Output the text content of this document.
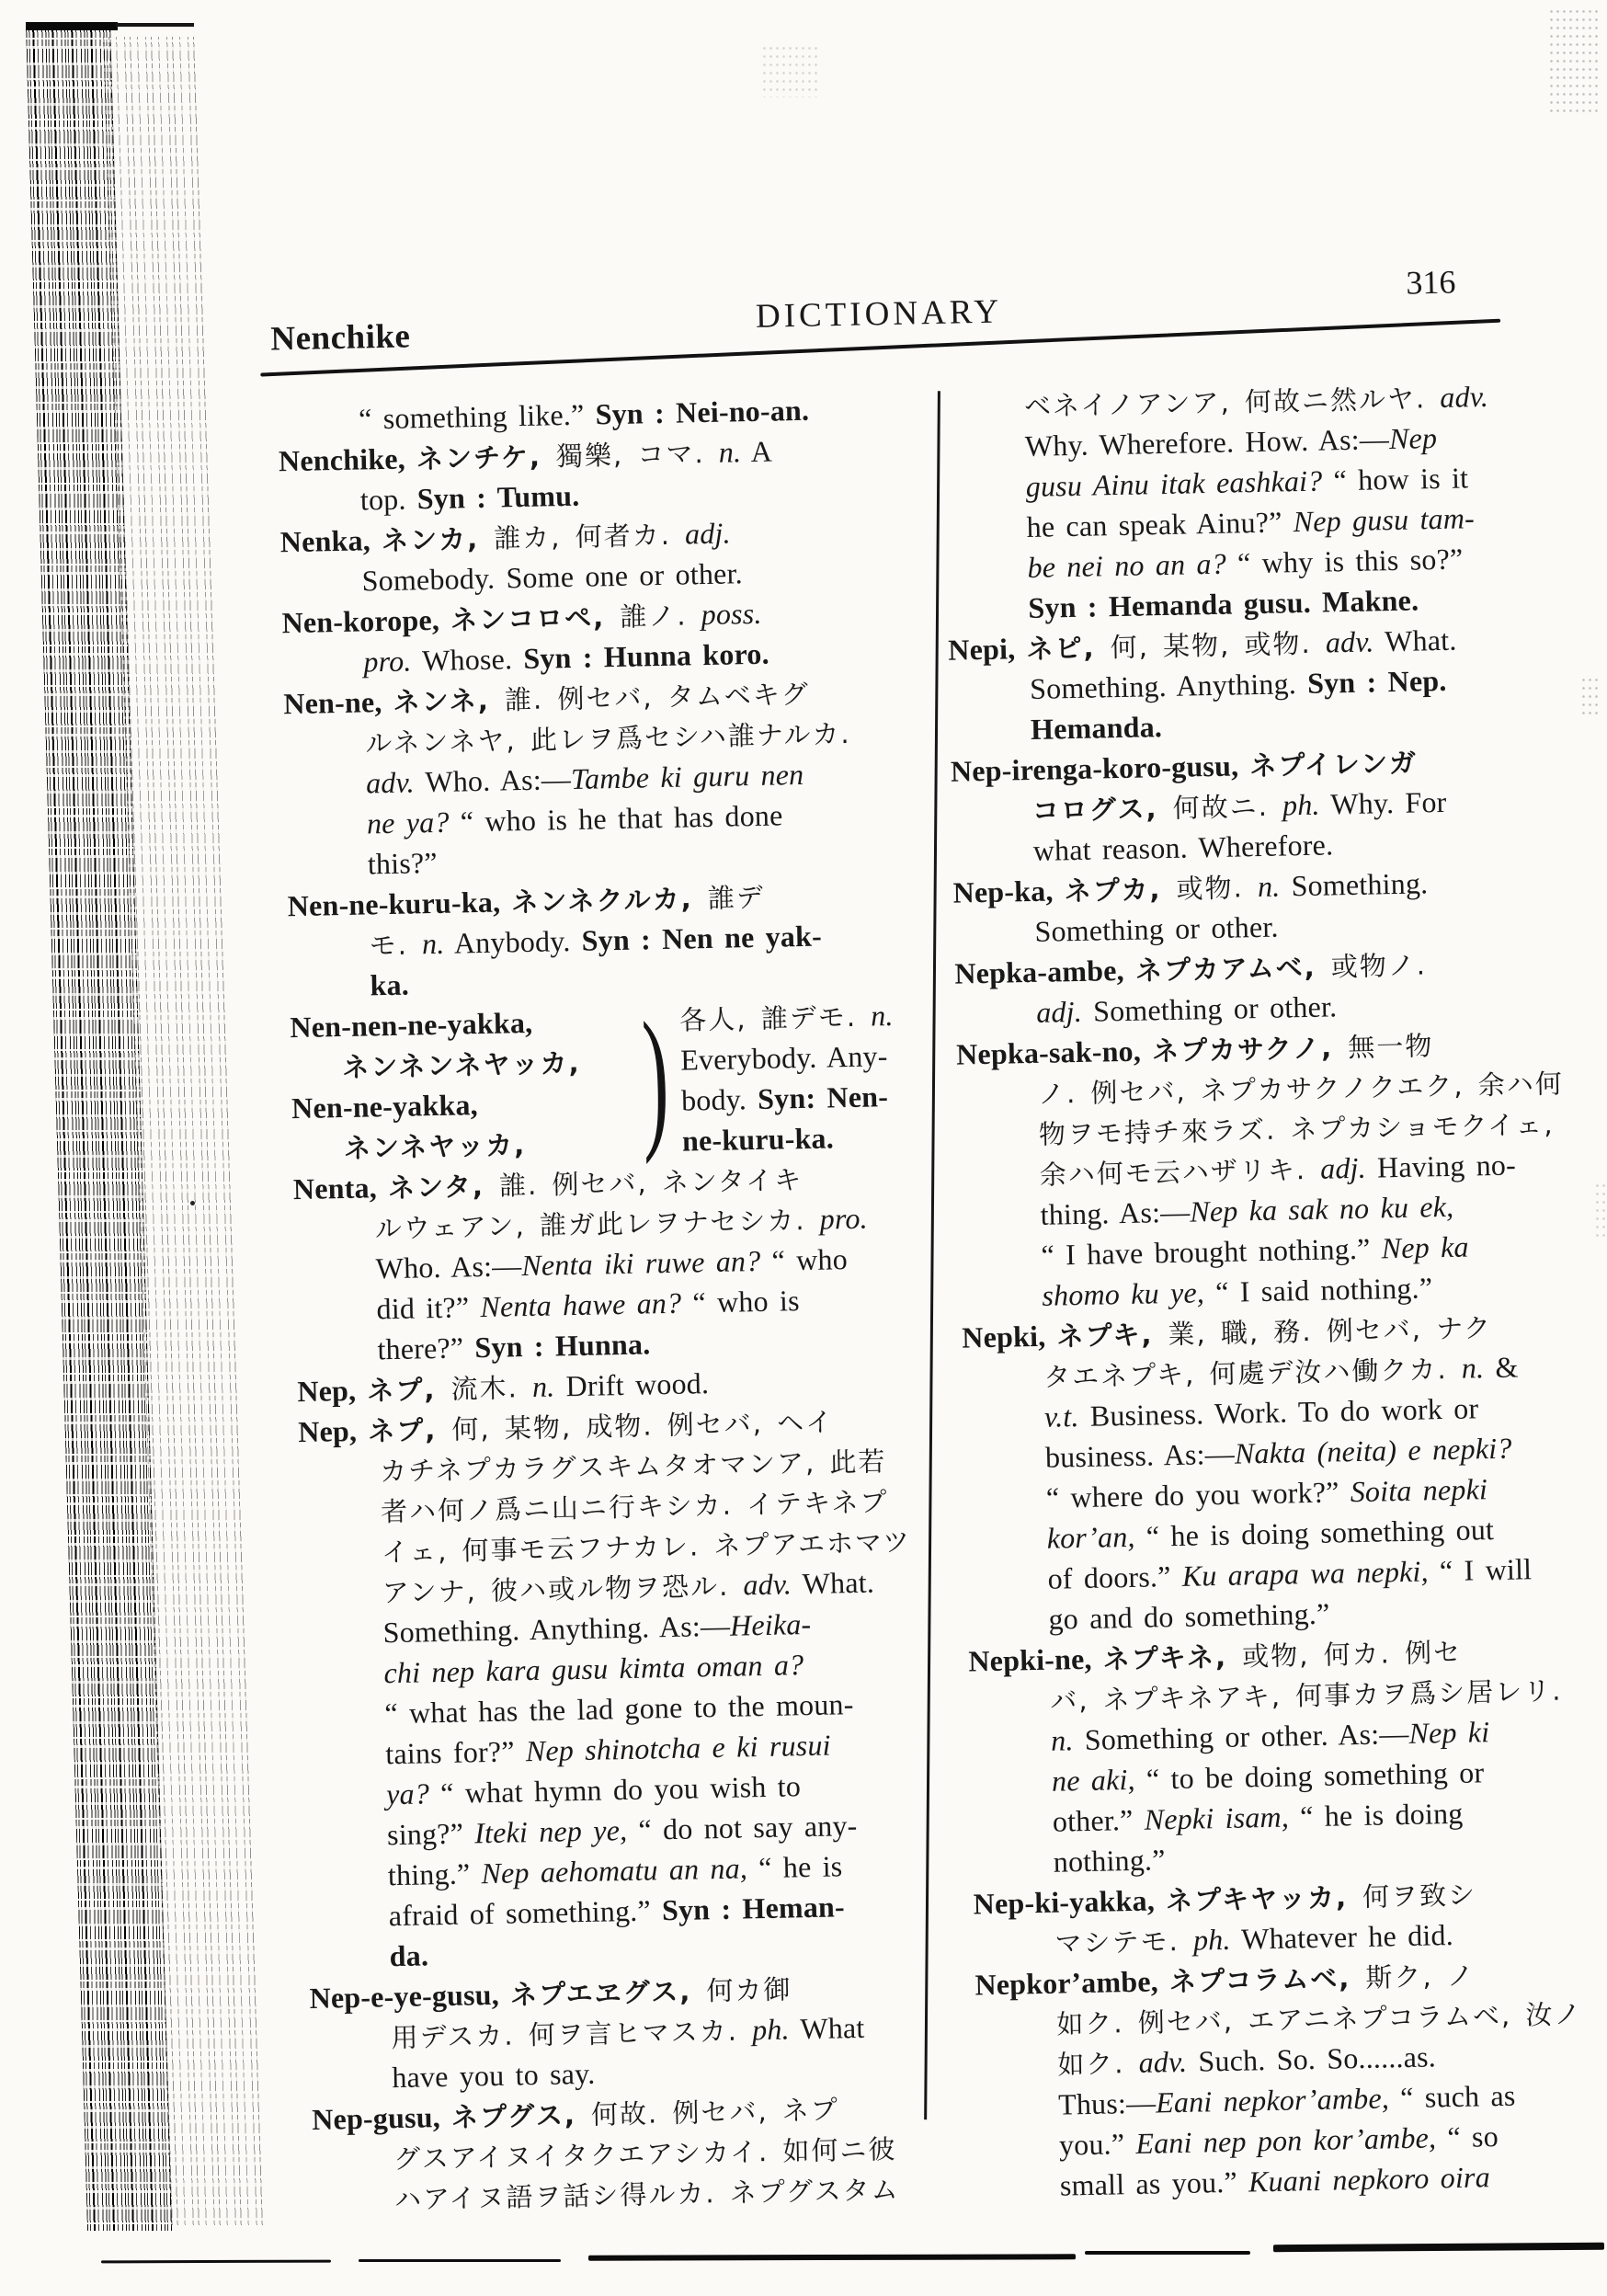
Nenchike
DICTIONARY
316
“ something like.” Syn : Nei-no-an.
Nenchike, ネンチケ, 獨樂, コマ. n. A
top. Syn : Tumu.
Nenka, ネンカ, 誰カ, 何者カ. adj.
Somebody. Some one or other.
Nen-korope, ネンコロペ, 誰ノ. poss.
pro. Whose. Syn : Hunna koro.
Nen-ne, ネンネ, 誰. 例セバ, タムベキグ
ルネンネヤ, 此レヲ爲セシハ誰ナルカ.
adv. Who. As:—Tambe ki guru nen
ne ya? “ who is he that has done
this?”
Nen-ne-kuru-ka, ネンネクルカ, 誰デ
モ. n. Anybody. Syn : Nen ne yak-
ka.
Nen-nen-ne-yakka,
ネンネンネヤッカ,
Nen-ne-yakka,
ネンネヤッカ, ) 各人, 誰デモ. n.
Everybody. Any-
body. Syn: Nen-
ne-kuru-ka.
Nenta, ネンタ, 誰. 例セバ, ネンタイキ
ルウェアン, 誰ガ此レヲナセシカ. pro.
Who. As:—Nenta iki ruwe an? “ who
did it?” Nenta hawe an? “ who is
there?” Syn : Hunna.
Nep, ネプ, 流木. n. Drift wood.
Nep, ネプ, 何, 某物, 成物. 例セバ, ヘイ
カチネプカラグスキムタオマンア, 此若
者ハ何ノ爲ニ山ニ行キシカ. イテキネプ
イェ, 何事モ云フナカレ. ネプアエホマツ
アンナ, 彼ハ或ル物ヲ恐ル. adv. What.
Something. Anything. As:—Heika-
chi nep kara gusu kimta oman a?
“ what has the lad gone to the moun-
tains for?” Nep shinotcha e ki rusui
ya? “ what hymn do you wish to
sing?” Iteki nep ye, “ do not say any-
thing.” Nep aehomatu an na, “ he is
afraid of something.” Syn : Heman-
da.
Nep-e-ye-gusu, ネプエヱグス, 何カ御
用デスカ. 何ヲ言ヒマスカ. ph. What
have you to say.
Nep-gusu, ネプグス, 何故. 例セバ, ネプ
グスアイヌイタクエアシカイ. 如何ニ彼
ハアイヌ語ヲ話シ得ルカ. ネプグスタム
ベネイノアンア, 何故ニ然ルヤ. adv.
Why. Wherefore. How. As:—Nep
gusu Ainu itak eashkai? “ how is it
he can speak Ainu?” Nep gusu tam-
be nei no an a? “ why is this so?”
Syn : Hemanda gusu. Makne.
Nepi, ネピ, 何, 某物, 或物. adv. What.
Something. Anything. Syn : Nep.
Hemanda.
Nep-irenga-koro-gusu, ネプイレンガ
コログス, 何故ニ. ph. Why. For
what reason. Wherefore.
Nep-ka, ネプカ, 或物. n. Something.
Something or other.
Nepka-ambe, ネプカアムベ, 或物ノ.
adj. Something or other.
Nepka-sak-no, ネプカサクノ, 無一物
ノ. 例セバ, ネプカサクノクエク, 余ハ何
物ヲモ持チ來ラズ. ネプカショモクイェ,
余ハ何モ云ハザリキ. adj. Having no-
thing. As:—Nep ka sak no ku ek,
“ I have brought nothing.” Nep ka
shomo ku ye, “ I said nothing.”
Nepki, ネプキ, 業, 職, 務. 例セバ, ナク
タエネプキ, 何處デ汝ハ働クカ. n. &
v.t. Business. Work. To do work or
business. As:—Nakta (neita) e nepki?
“ where do you work?” Soita nepki
kor’an, “ he is doing something out
of doors.” Ku arapa wa nepki, “ I will
go and do something.”
Nepki-ne, ネプキネ, 或物, 何カ. 例セ
バ, ネプキネアキ, 何事カヲ爲シ居レリ.
n. Something or other. As:—Nep ki
ne aki, “ to be doing something or
other.” Nepki isam, “ he is doing
nothing.”
Nep-ki-yakka, ネプキヤッカ, 何ヲ致シ
マシテモ. ph. Whatever he did.
Nepkor’ambe, ネプコラムベ, 斯ク, ノ
如ク. 例セバ, エアニネプコラムベ, 汝ノ
如ク. adv. Such. So. So......as.
Thus:—Eani nepkor’ambe, “ such as
you.” Eani nep pon kor’ambe, “ so
small as you.” Kuani nepkoro oira
